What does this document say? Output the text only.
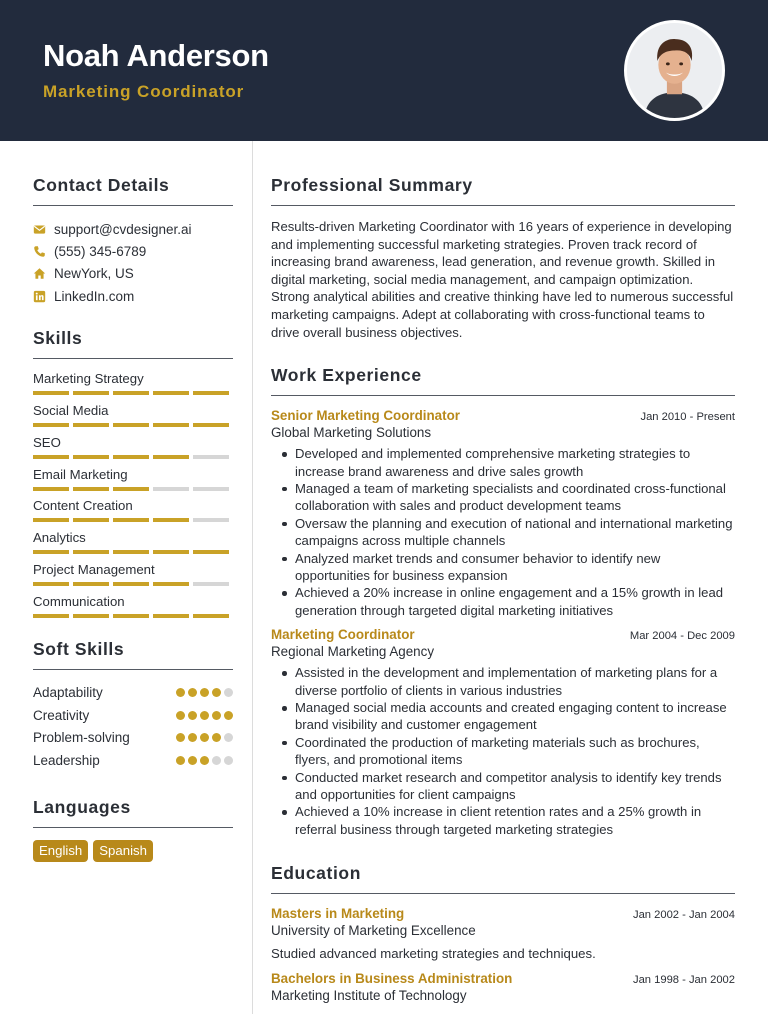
Noah Anderson
Marketing Coordinator
Contact Details
support@cvdesigner.ai
(555) 345-6789
NewYork, US
LinkedIn.com
Skills
Marketing Strategy
Social Media
SEO
Email Marketing
Content Creation
Analytics
Project Management
Communication
Soft Skills
Adaptability
Creativity
Problem-solving
Leadership
Languages
English	Spanish
Professional Summary
Results-driven Marketing Coordinator with 16 years of experience in developing and implementing successful marketing strategies. Proven track record of increasing brand awareness, lead generation, and revenue growth. Skilled in digital marketing, social media management, and campaign optimization. Strong analytical abilities and creative thinking have led to numerous successful marketing campaigns. Adept at collaborating with cross-functional teams to drive overall business objectives.
Work Experience
Senior Marketing Coordinator	Jan 2010 - Present
Global Marketing Solutions
Developed and implemented comprehensive marketing strategies to increase brand awareness and drive sales growth
Managed a team of marketing specialists and coordinated cross-functional collaboration with sales and product development teams
Oversaw the planning and execution of national and international marketing campaigns across multiple channels
Analyzed market trends and consumer behavior to identify new opportunities for business expansion
Achieved a 20% increase in online engagement and a 15% growth in lead generation through targeted digital marketing initiatives
Marketing Coordinator	Mar 2004 - Dec 2009
Regional Marketing Agency
Assisted in the development and implementation of marketing plans for a diverse portfolio of clients in various industries
Managed social media accounts and created engaging content to increase brand visibility and customer engagement
Coordinated the production of marketing materials such as brochures, flyers, and promotional items
Conducted market research and competitor analysis to identify key trends and opportunities for client campaigns
Achieved a 10% increase in client retention rates and a 25% growth in referral business through targeted marketing strategies
Education
Masters in Marketing	Jan 2002 - Jan 2004
University of Marketing Excellence
Studied advanced marketing strategies and techniques.
Bachelors in Business Administration	Jan 1998 - Jan 2002
Marketing Institute of Technology
